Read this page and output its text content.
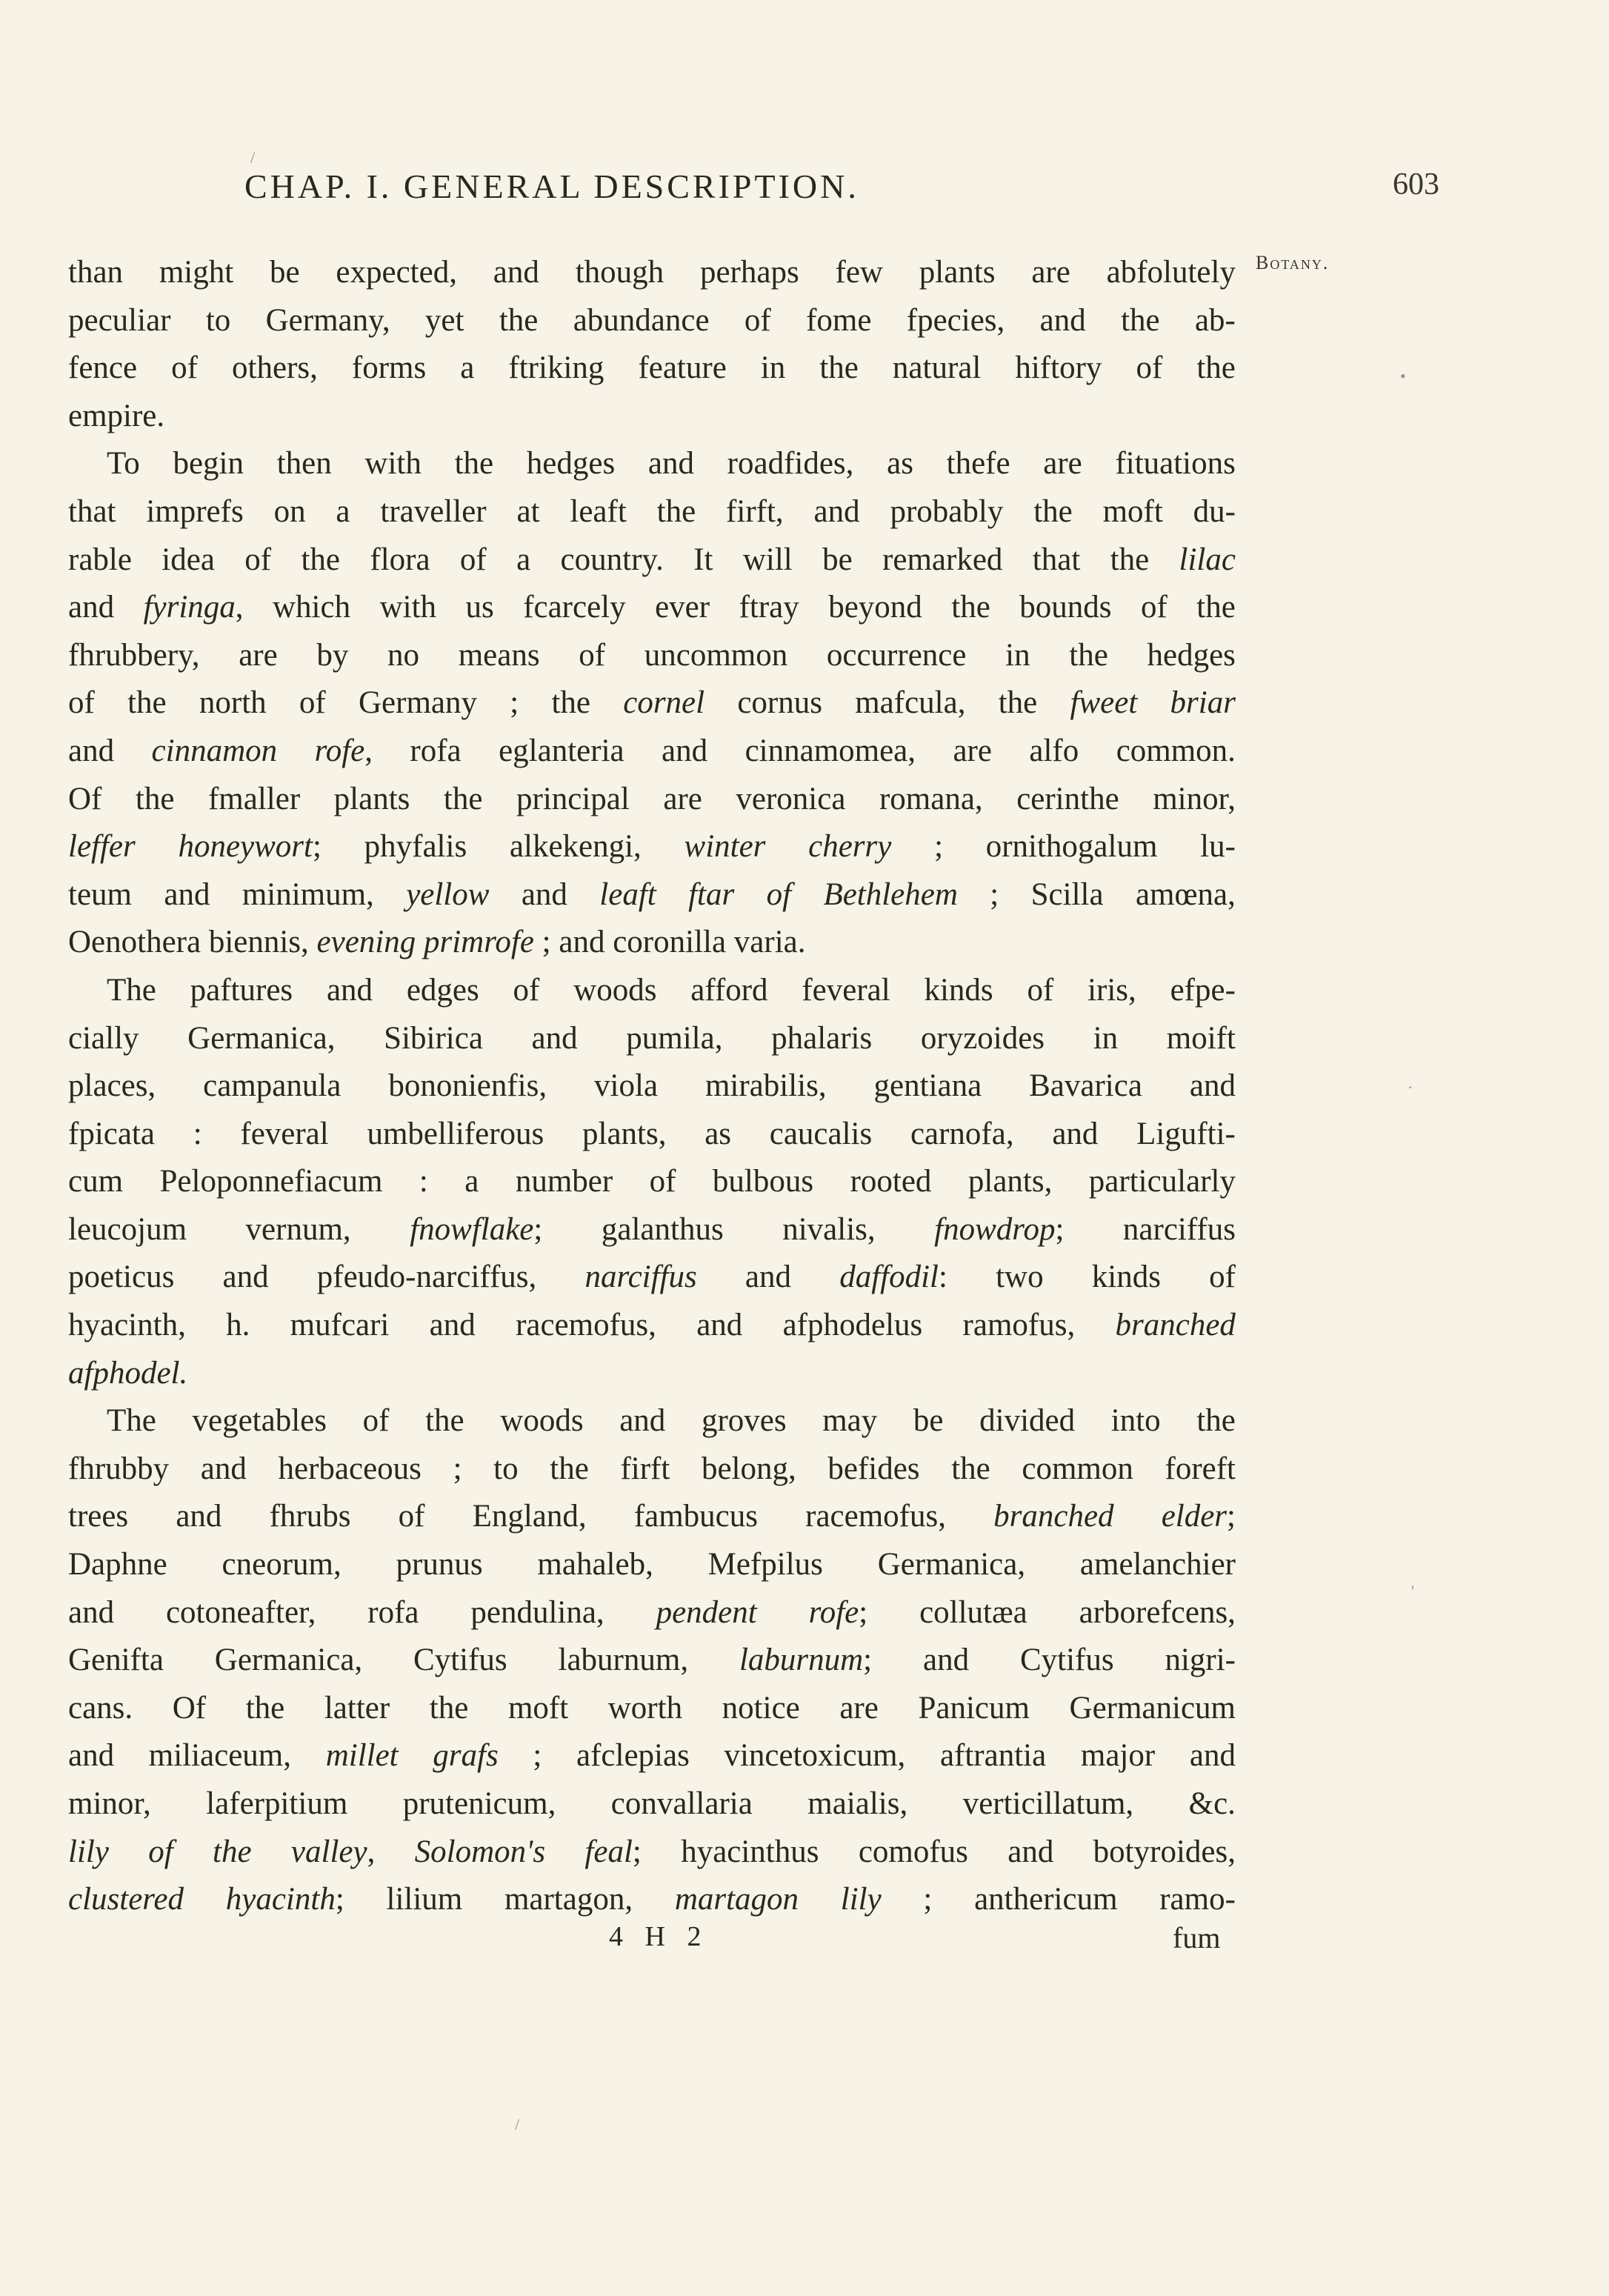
CHAP. I. GENERAL DESCRIPTION.	603
Botany.
than might be expected, and though perhaps few plants are abfolutely
peculiar to Germany, yet the abundance of fome fpecies, and the ab-
fence of others, forms a ftriking feature in the natural hiftory of the
empire.
To begin then with the hedges and roadfides, as thefe are fituations
that imprefs on a traveller at leaft the firft, and probably the moft du-
rable idea of the flora of a country. It will be remarked that the lilac
and fyringa, which with us fcarcely ever ftray beyond the bounds of the
fhrubbery, are by no means of uncommon occurrence in the hedges
of the north of Germany ; the cornel cornus mafcula, the fweet briar
and cinnamon rofe, rofa eglanteria and cinnamomea, are alfo common.
Of the fmaller plants the principal are veronica romana, cerinthe minor,
leffer honeywort; phyfalis alkekengi, winter cherry ; ornithogalum lu-
teum and minimum, yellow and leaft ftar of Bethlehem ; Scilla amœna,
Oenothera biennis, evening primrofe ; and coronilla varia.
The paftures and edges of woods afford feveral kinds of iris, efpe-
cially Germanica, Sibirica and pumila, phalaris oryzoides in moift
places, campanula bononienfis, viola mirabilis, gentiana Bavarica and
fpicata : feveral umbelliferous plants, as caucalis carnofa, and Ligufti-
cum Peloponnefiacum : a number of bulbous rooted plants, particularly
leucojum vernum, fnowflake; galanthus nivalis, fnowdrop; narciffus
poeticus and pfeudo-narciffus, narciffus and daffodil: two kinds of
hyacinth, h. mufcari and racemofus, and afphodelus ramofus, branched
afphodel.
The vegetables of the woods and groves may be divided into the
fhrubby and herbaceous ; to the firft belong, befides the common foreft
trees and fhrubs of England, fambucus racemofus, branched elder;
Daphne cneorum, prunus mahaleb, Mefpilus Germanica, amelanchier
and cotoneafter, rofa pendulina, pendent rofe; collutæa arborefcens,
Genifta Germanica, Cytifus laburnum, laburnum; and Cytifus nigri-
cans. Of the latter the moft worth notice are Panicum Germanicum
and miliaceum, millet grafs ; afclepias vincetoxicum, aftrantia major and
minor, laferpitium prutenicum, convallaria maialis, verticillatum, &c.
lily of the valley, Solomon's feal; hyacinthus comofus and botyroides,
clustered hyacinth; lilium martagon, martagon lily ; anthericum ramo-
4 H 2	fum
/
•
·
'
/
